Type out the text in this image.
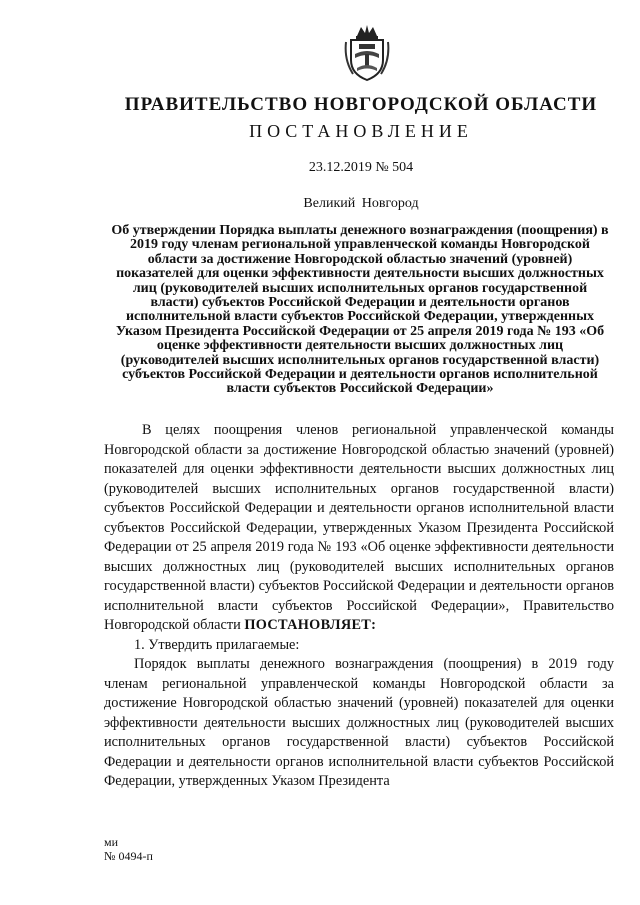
ПРАВИТЕЛЬСТВО НОВГОРОДСКОЙ ОБЛАСТИ
ПОСТАНОВЛЕНИЕ
23.12.2019 № 504
Великий Новгород
Об утверждении Порядка выплаты денежного вознаграждения (поощрения) в 2019 году членам региональной управленческой команды Новгородской области за достижение Новгородской областью значений (уровней) показателей для оценки эффективности деятельности высших должностных лиц (руководителей высших исполнительных органов государственной власти) субъектов Российской Федерации и деятельности органов исполнительной власти субъектов Российской Федерации, утвержденных Указом Президента Российской Федерации от 25 апреля 2019 года № 193 «Об оценке эффективности деятельности высших должностных лиц (руководителей высших исполнительных органов государственной власти) субъектов Российской Федерации и деятельности органов исполнительной власти субъектов Российской Федерации»

В целях поощрения членов региональной управленческой команды Новгородской области за достижение Новгородской областью значений (уровней) показателей для оценки эффективности деятельности высших должностных лиц (руководителей высших исполнительных органов государственной власти) субъектов Российской Федерации и деятельности органов исполнительной власти субъектов Российской Федерации, утвержденных Указом Президента Российской Федерации от 25 апреля 2019 года № 193 «Об оценке эффективности деятельности высших должностных лиц (руководителей высших исполнительных органов государственной власти) субъектов Российской Федерации и деятельности органов исполнительной власти субъектов Российской Федерации», Правительство Новгородской области ПОСТАНОВЛЯЕТ:

1. Утвердить прилагаемые:

Порядок выплаты денежного вознаграждения (поощрения) в 2019 году членам региональной управленческой команды Новгородской области за достижение Новгородской областью значений (уровней) показателей для оценки эффективности деятельности высших должностных лиц (руководителей высших исполнительных органов государственной власти) субъектов Российской Федерации и деятельности органов исполнительной власти субъектов Российской Федерации, утвержденных Указом Президента

ми
№ 0494-п
